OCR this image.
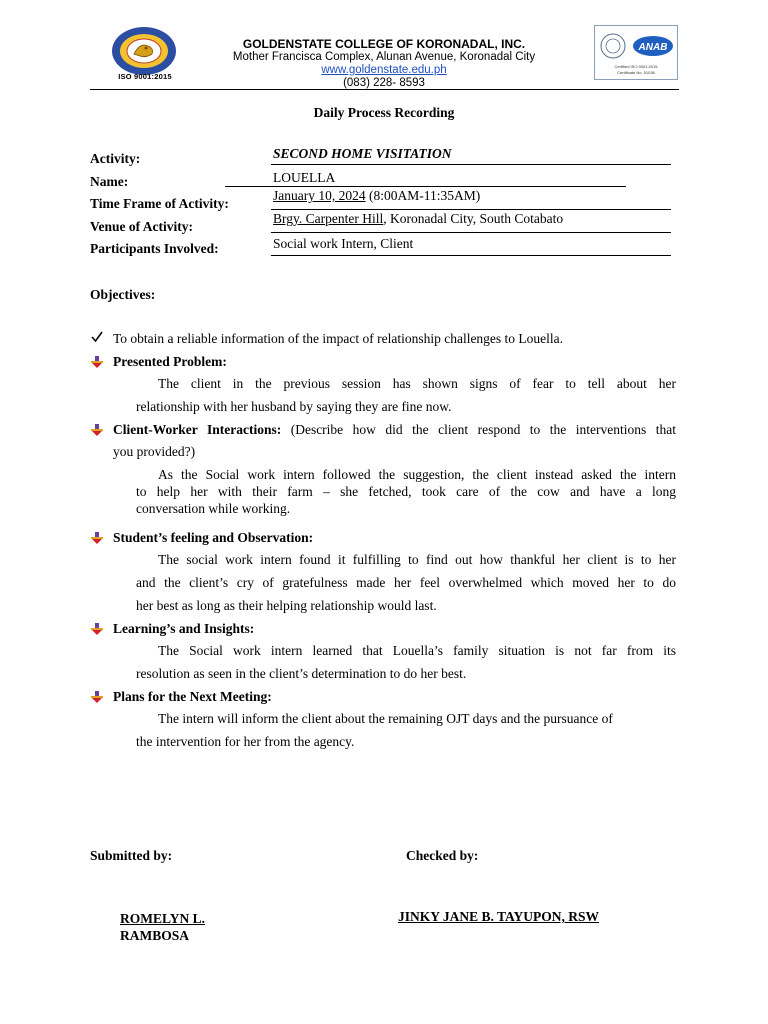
ISO 9001:2015
GOLDENSTATE COLLEGE OF KORONADAL, INC.
Mother Francisca Complex, Alunan Avenue, Koronadal City
www.goldenstate.edu.ph
(083) 228- 8593
ANAB
Certified ISO 9001:2015
Certificate No. 51038
Daily Process Recording
Activity:	SECOND HOME VISITATION
Name:	LOUELLA
Time Frame of Activity:
January 10, 2024 (8:00AM-11:35AM)
Venue of Activity:
Brgy. Carpenter Hill, Koronadal City, South Cotabato
Participants Involved:	Social work Intern, Client
Objectives:
To obtain a reliable information of the impact of relationship challenges to Louella.
Presented Problem:
The client in the previous session has shown signs of fear to tell about her
relationship with her husband by saying they are fine now.
Client-Worker Interactions: (Describe how did the client respond to the interventions that
you provided?)
As the Social work intern followed the suggestion, the client instead asked the intern
to help her with their farm – she fetched, took care of the cow and have a long
conversation while working.
Student’s feeling and Observation:
The social work intern found it fulfilling to find out how thankful her client is to her
and the client’s cry of gratefulness made her feel overwhelmed which moved her to do
her best as long as their helping relationship would last.
Learning’s and Insights:
The Social work intern learned that Louella’s family situation is not far from its
resolution as seen in the client’s determination to do her best.
Plans for the Next Meeting:
The intern will inform the client about the remaining OJT days and the pursuance of
the intervention for her from the agency.
Submitted by:	Checked by:
ROMELYN L.
RAMBOSA
JINKY JANE B. TAYUPON, RSW
